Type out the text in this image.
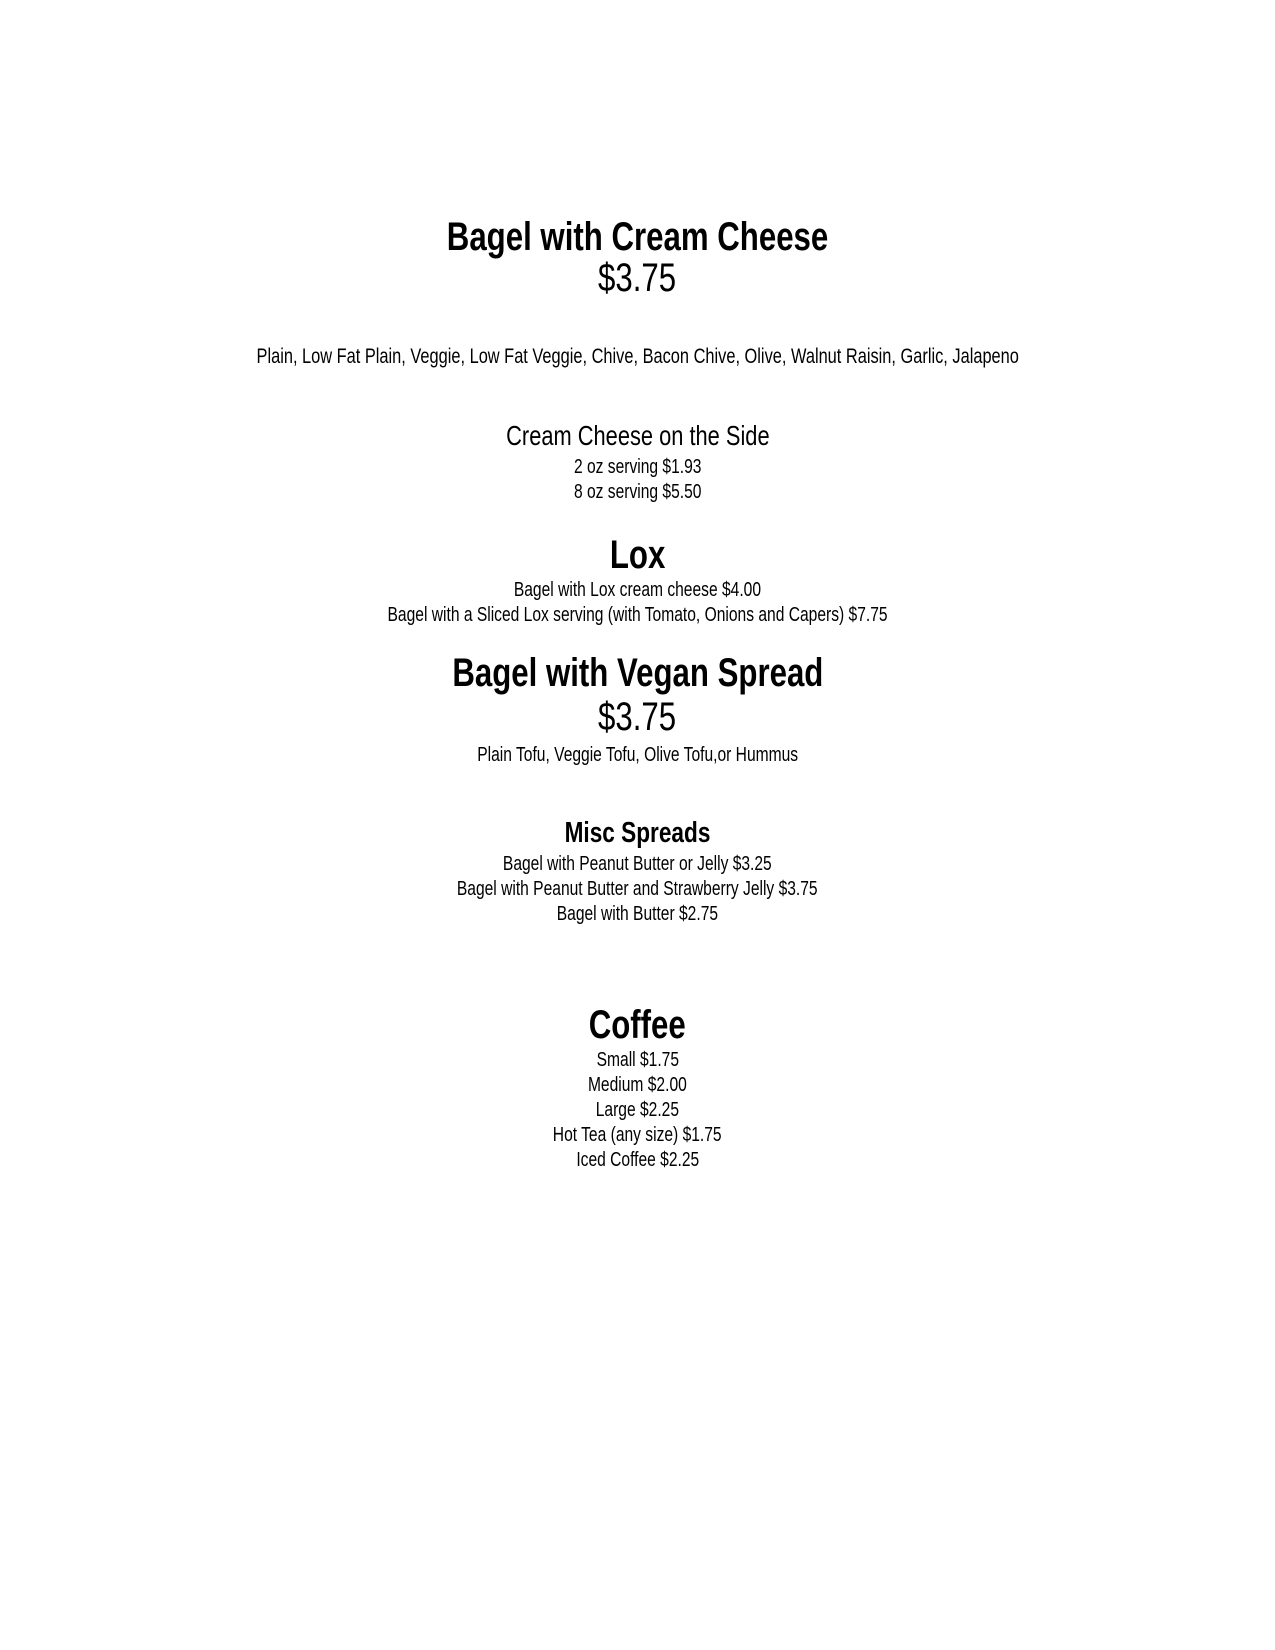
Bagel with Cream Cheese
$3.75
Plain, Low Fat Plain, Veggie, Low Fat Veggie, Chive, Bacon Chive, Olive, Walnut Raisin, Garlic, Jalapeno
Cream Cheese on the Side
2 oz serving $1.93
8 oz serving $5.50
Lox
Bagel with Lox cream cheese $4.00
Bagel with a Sliced Lox serving (with Tomato, Onions and Capers) $7.75
Bagel with Vegan Spread
$3.75
Plain Tofu, Veggie Tofu, Olive Tofu,or Hummus
Misc Spreads
Bagel with Peanut Butter or Jelly $3.25
Bagel with Peanut Butter and Strawberry Jelly $3.75
Bagel with Butter $2.75
Coffee
Small $1.75
Medium $2.00
Large $2.25
Hot Tea (any size) $1.75
Iced Coffee $2.25
